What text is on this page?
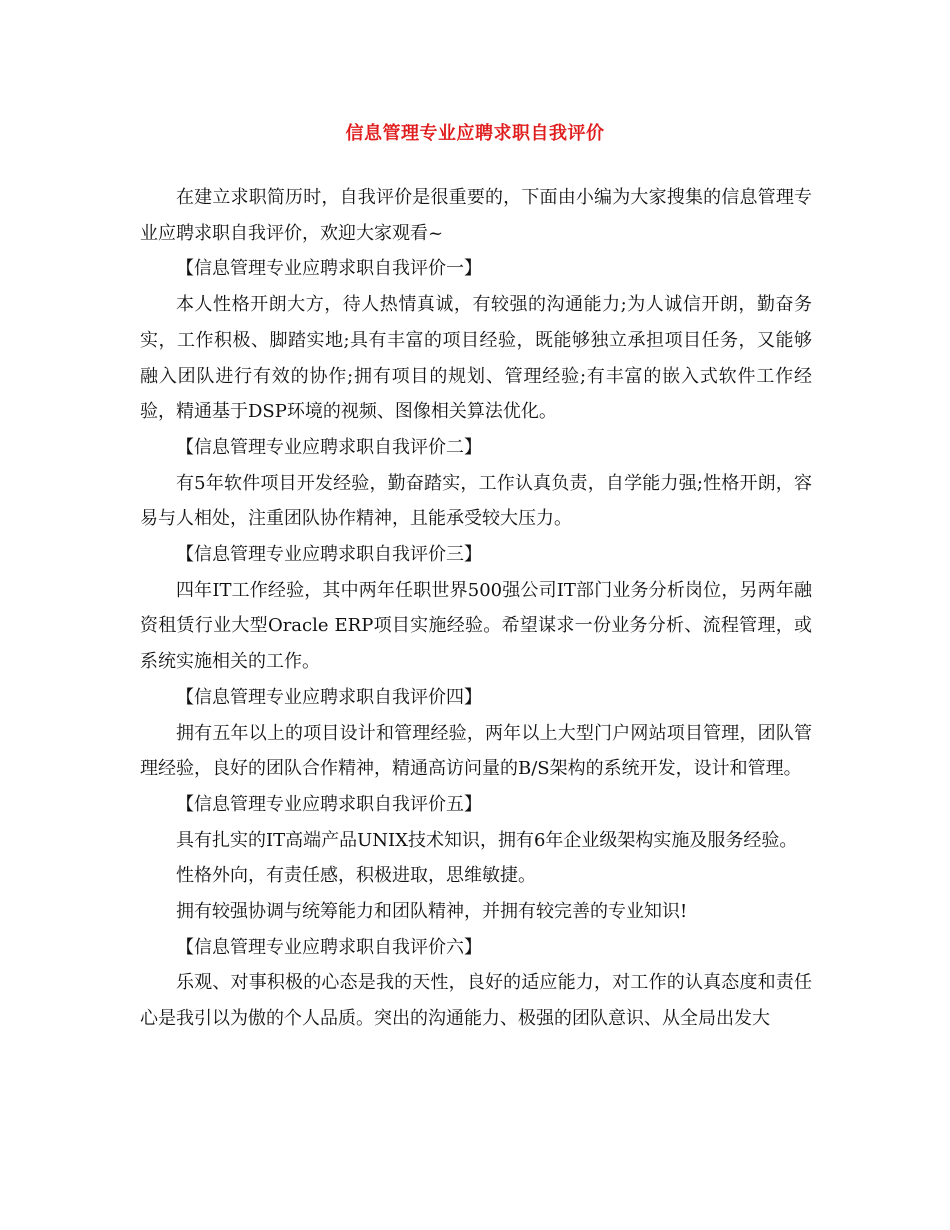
信息管理专业应聘求职自我评价

在建立求职简历时，自我评价是很重要的，下面由小编为大家搜集的信息管理专业应聘求职自我评价，欢迎大家观看~

【信息管理专业应聘求职自我评价一】

本人性格开朗大方，待人热情真诚，有较强的沟通能力;为人诚信开朗，勤奋务实，工作积极、脚踏实地;具有丰富的项目经验，既能够独立承担项目任务，又能够融入团队进行有效的协作;拥有项目的规划、管理经验;有丰富的嵌入式软件工作经验，精通基于DSP环境的视频、图像相关算法优化。

【信息管理专业应聘求职自我评价二】

有5年软件项目开发经验，勤奋踏实，工作认真负责，自学能力强;性格开朗，容易与人相处，注重团队协作精神，且能承受较大压力。

【信息管理专业应聘求职自我评价三】

四年IT工作经验，其中两年任职世界500强公司IT部门业务分析岗位，另两年融资租赁行业大型Oracle ERP项目实施经验。希望谋求一份业务分析、流程管理，或系统实施相关的工作。

【信息管理专业应聘求职自我评价四】

拥有五年以上的项目设计和管理经验，两年以上大型门户网站项目管理，团队管理经验，良好的团队合作精神，精通高访问量的B/S架构的系统开发，设计和管理。

【信息管理专业应聘求职自我评价五】

具有扎实的IT高端产品UNIX技术知识，拥有6年企业级架构实施及服务经验。

性格外向，有责任感，积极进取，思维敏捷。

拥有较强协调与统筹能力和团队精神，并拥有较完善的专业知识!

【信息管理专业应聘求职自我评价六】

乐观、对事积极的心态是我的天性，良好的适应能力，对工作的认真态度和责任心是我引以为傲的个人品质。突出的沟通能力、极强的团队意识、从全局出发大
